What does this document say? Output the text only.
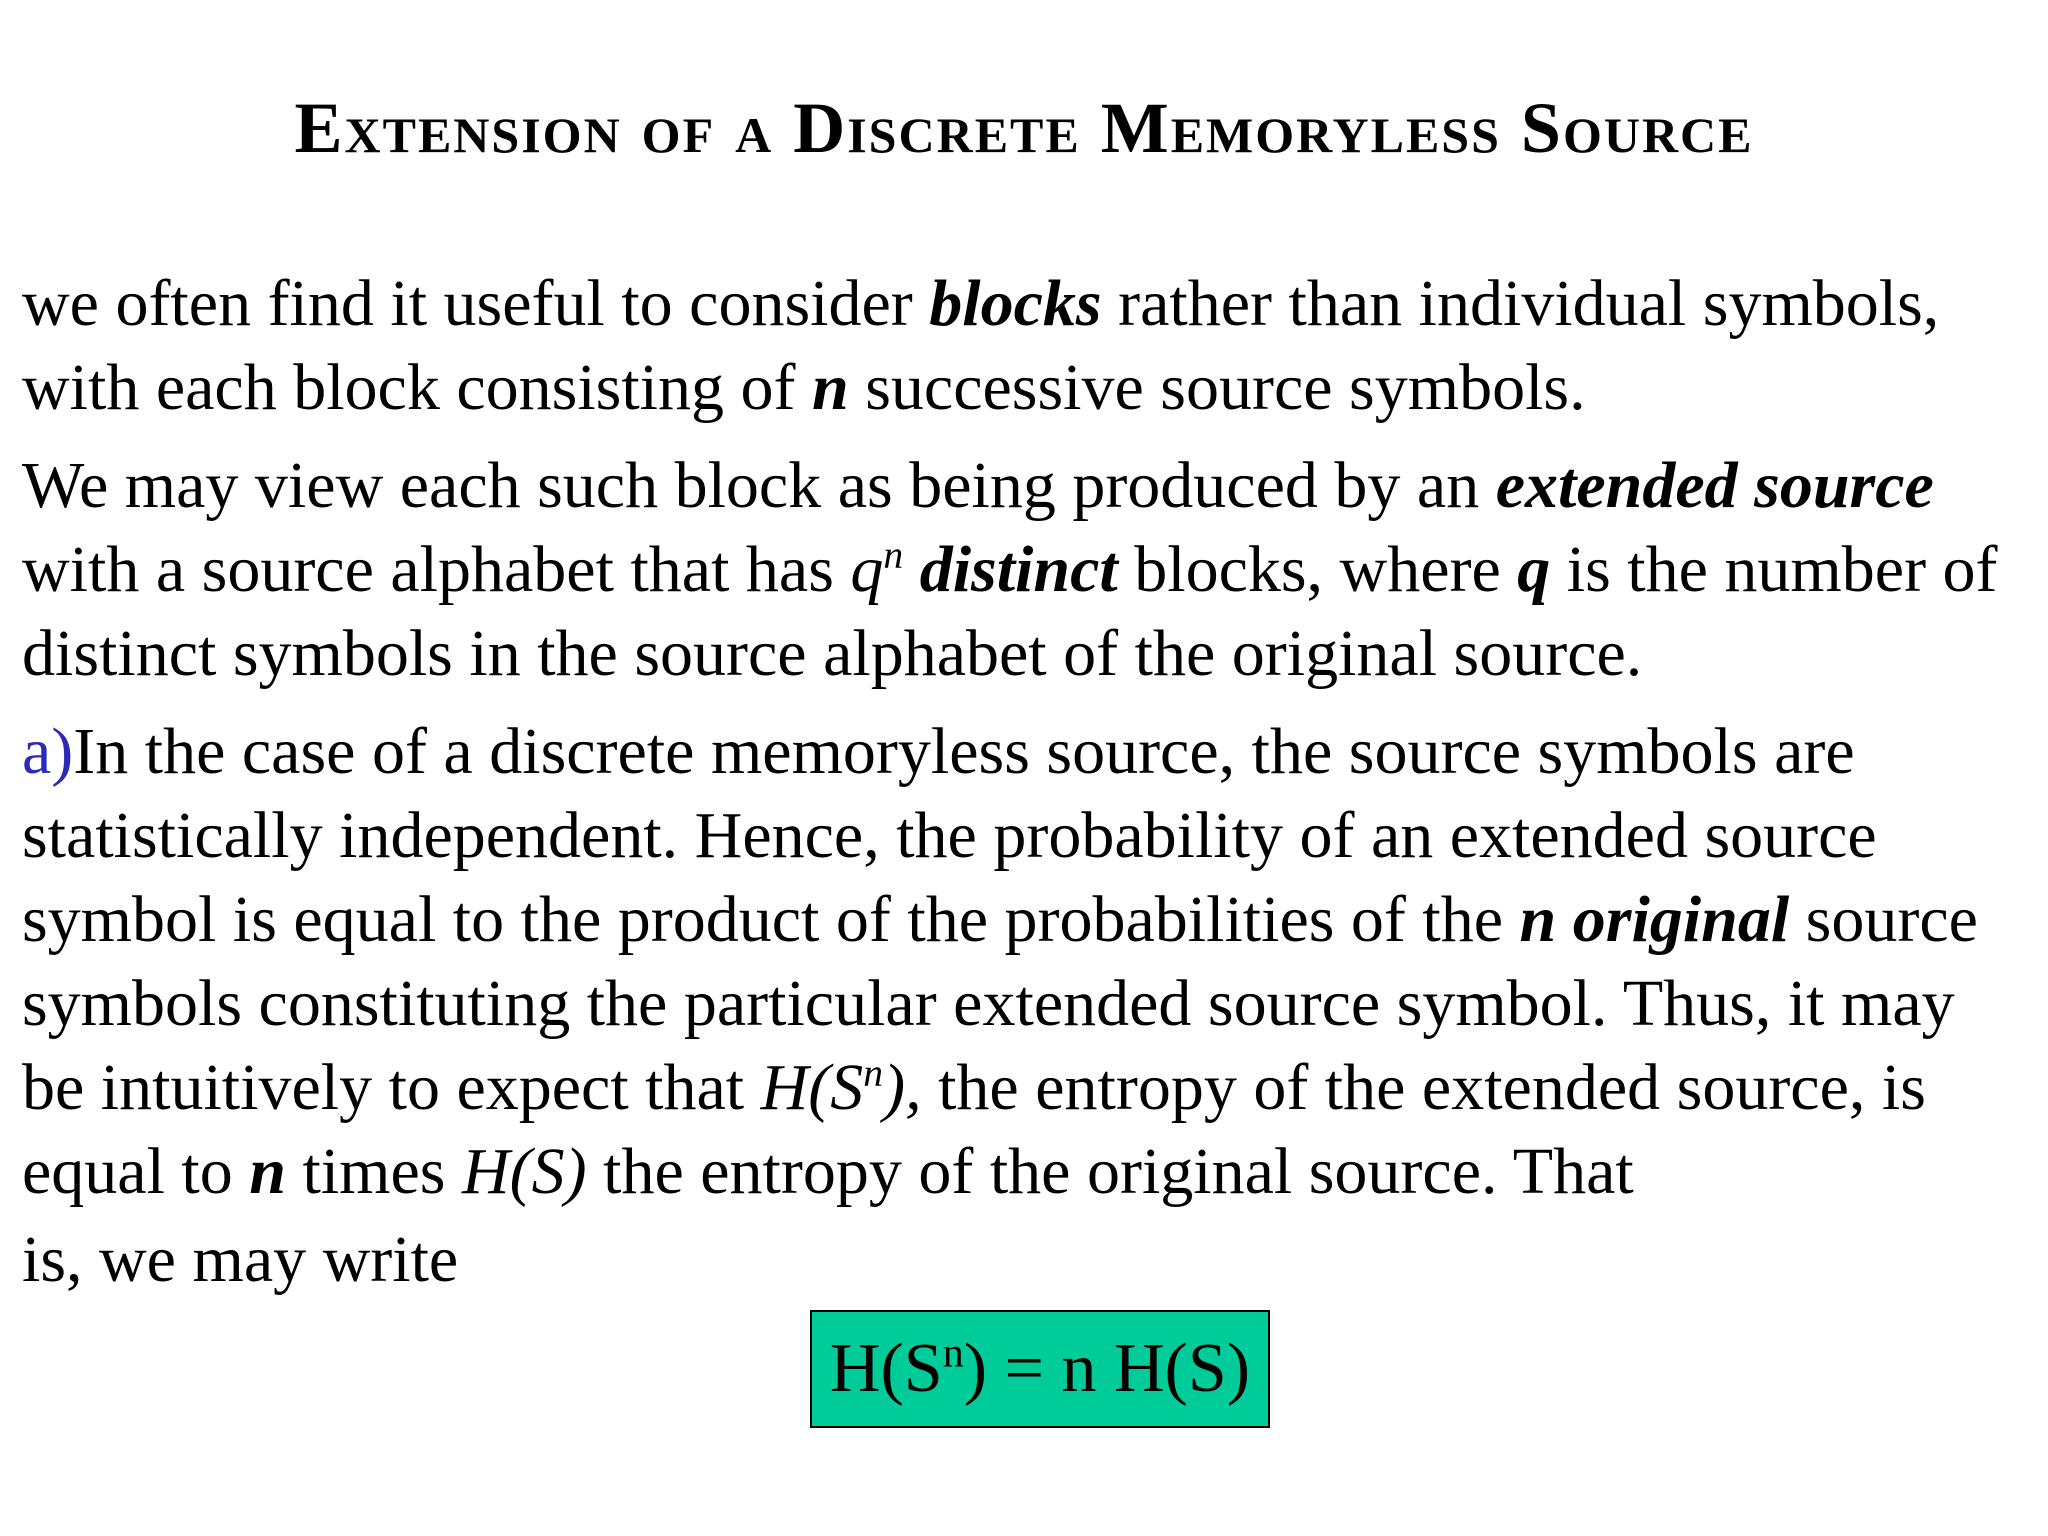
Extension of a Discrete Memoryless Source

we often find it useful to consider blocks rather than individual symbols, with each block consisting of n successive source symbols.

We may view each such block as being produced by an extended source with a source alphabet that has $q^n$ distinct blocks, where q is the number of distinct symbols in the source alphabet of the original source.

a)In the case of a discrete memoryless source, the source symbols are statistically independent. Hence, the probability of an extended source symbol is equal to the product of the probabilities of the n original source symbols constituting the particular extended source symbol. Thus, it may be intuitively to expect that $H(S^n)$, the entropy of the extended source, is equal to n times H(S) the entropy of the original source. That
is, we may write

$H(S^n) = n$ H(S)
